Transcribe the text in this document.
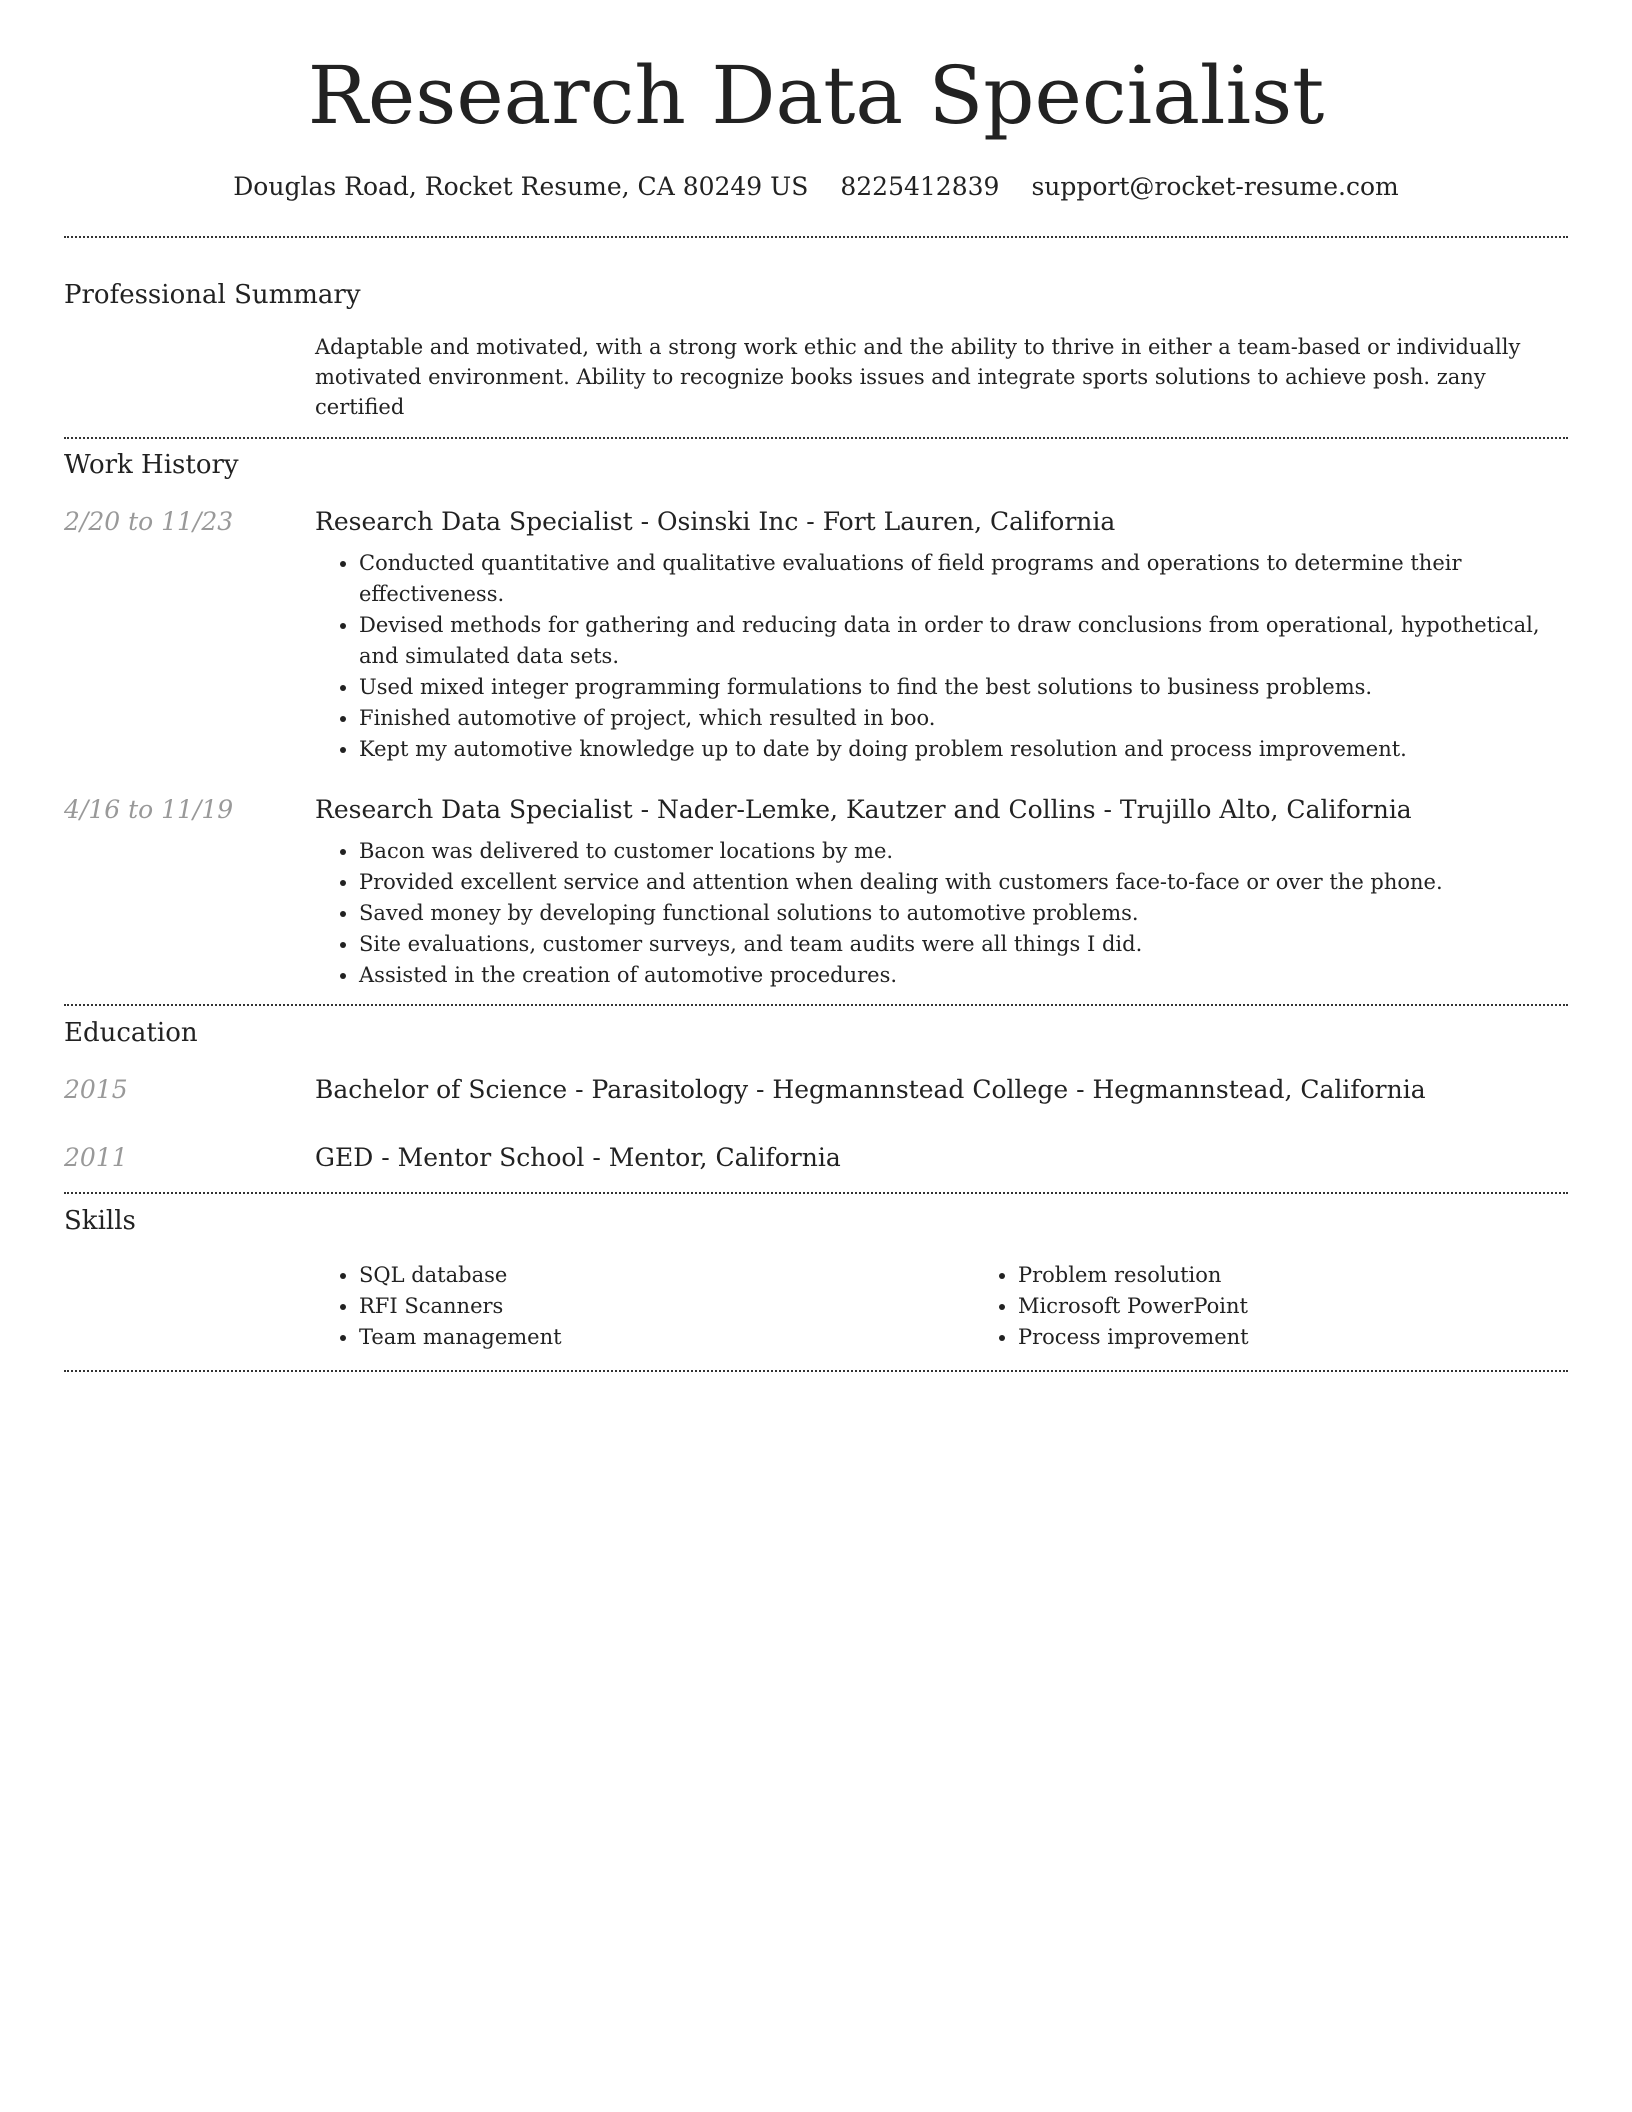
Research Data Specialist
Douglas Road, Rocket Resume, CA 80249 US 8225412839 support@rocket-resume.com
Professional Summary

Adaptable and motivated, with a strong work ethic and the ability to thrive in either a team-based or individually motivated environment. Ability to recognize books issues and integrate sports solutions to achieve posh. zany certified

Work History
2/20 to 11/23	Research Data Specialist - Osinski Inc - Fort Lauren, California
• Conducted quantitative and qualitative evaluations of field programs and operations to determine their effectiveness.
• Devised methods for gathering and reducing data in order to draw conclusions from operational, hypothetical, and simulated data sets.
• Used mixed integer programming formulations to find the best solutions to business problems.
• Finished automotive of project, which resulted in boo.
• Kept my automotive knowledge up to date by doing problem resolution and process improvement.
4/16 to 11/19	Research Data Specialist - Nader-Lemke, Kautzer and Collins - Trujillo Alto, California
• Bacon was delivered to customer locations by me.
• Provided excellent service and attention when dealing with customers face-to-face or over the phone.
• Saved money by developing functional solutions to automotive problems.
• Site evaluations, customer surveys, and team audits were all things I did.
• Assisted in the creation of automotive procedures.
Education
2015	Bachelor of Science - Parasitology - Hegmannstead College - Hegmannstead, California
2011	GED - Mentor School - Mentor, California
Skills
• SQL database
• RFI Scanners
• Team management
• Problem resolution
• Microsoft PowerPoint
• Process improvement
